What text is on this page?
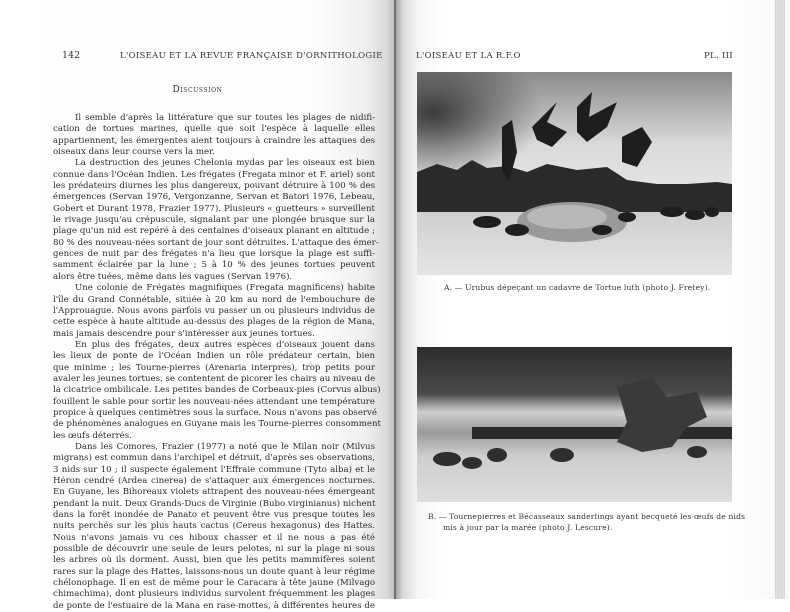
142	L'OISEAU ET LA REVUE FRANÇAISE D'ORNITHOLOGIE
Discussion
Il semble d'après la littérature que sur toutes les plages de nidifi-
cation de tortues marines, quelle que soit l'espèce à laquelle elles
appartiennent, les émergentes aient toujours à craindre les attaques des
oiseaux dans leur course vers la mer.
La destruction des jeunes Chelonia mydas par les oiseaux est bien
connue dans l'Océan Indien. Les frégates (Fregata minor et F. ariel) sont
les prédateurs diurnes les plus dangereux, pouvant détruire à 100 % des
émergences (Servan 1976, Vergonzanne, Servan et Batori 1976, Lebeau,
Gobert et Durant 1978, Frazier 1977). Plusieurs « guetteurs » surveillent
le rivage jusqu'au crépuscule, signalant par une plongée brusque sur la
plage qu'un nid est repéré à des centaines d'oiseaux planant en altitude ;
80 % des nouveau-nées sortant de jour sont détruites. L'attaque des émer-
gences de nuit par des frégates n'a lieu que lorsque la plage est suffi-
samment éclairée par la lune ; 5 à 10 % des jeunes tortues peuvent
alors être tuées, même dans les vagues (Servan 1976).
Une colonie de Frégates magnifiques (Fregata magnificens) habite
l'île du Grand Connétable, située à 20 km au nord de l'embouchure de
l'Approuague. Nous avons parfois vu passer un ou plusieurs individus de
cette espèce à haute altitude au-dessus des plages de la région de Mana,
mais jamais descendre pour s'intéresser aux jeunes tortues.
En plus des frégates, deux autres espèces d'oiseaux jouent dans
les lieux de ponte de l'Océan Indien un rôle prédateur certain, bien
que minime ; les Tourne-pierres (Arenaria interpres), trop petits pour
avaler les jeunes tortues, se contentent de picorer les chairs au niveau de
la cicatrice ombilicale. Les petites bandes de Corbeaux-pies (Corvus albus)
fouillent le sable pour sortir les nouveau-nées attendant une température
propice à quelques centimètres sous la surface. Nous n'avons pas observé
de phénomènes analogues en Guyane mais les Tourne-pierres consomment
les œufs déterrés.
Dans les Comores, Frazier (1977) a noté que le Milan noir (Milvus
migrans) est commun dans l'archipel et détruit, d'après ses observations,
3 nids sur 10 ; il suspecte également l'Effraie commune (Tyto alba) et le
Héron cendré (Ardea cinerea) de s'attaquer aux émergences nocturnes.
En Guyane, les Bihoreaux violets attrapent des nouveau-nées émergeant
pendant la nuit. Deux Grands-Ducs de Virginie (Bubo virginianus) nichent
dans la forêt inondée de Panato et peuvent être vus presque toutes les
nuits perchés sur les plus hauts cactus (Cereus hexagonus) des Hattes.
Nous n'avons jamais vu ces hiboux chasser et il ne nous a pas été
possible de découvrir une seule de leurs pelotes, ni sur la plage ni sous
les arbres où ils dorment. Aussi, bien que les petits mammifères soient
rares sur la plage des Hattes, laissons-nous un doute quant à leur régime
chélonophage. Il en est de même pour le Caracara à tête jaune (Milvago
chimachima), dont plusieurs individus survolent fréquemment les plages
de ponte de l'estuaire de la Mana en rase-mottes, à différentes heures de
L'OISEAU ET LA R.F.O	PL. III
A. — Urubus dépeçant un cadavre de Tortue luth (photo J. Fretey).
B. — Tournepierres et Bécasseaux sanderlings ayant becqueté les œufs de nids
mis à jour par la marée (photo J. Lescure).
